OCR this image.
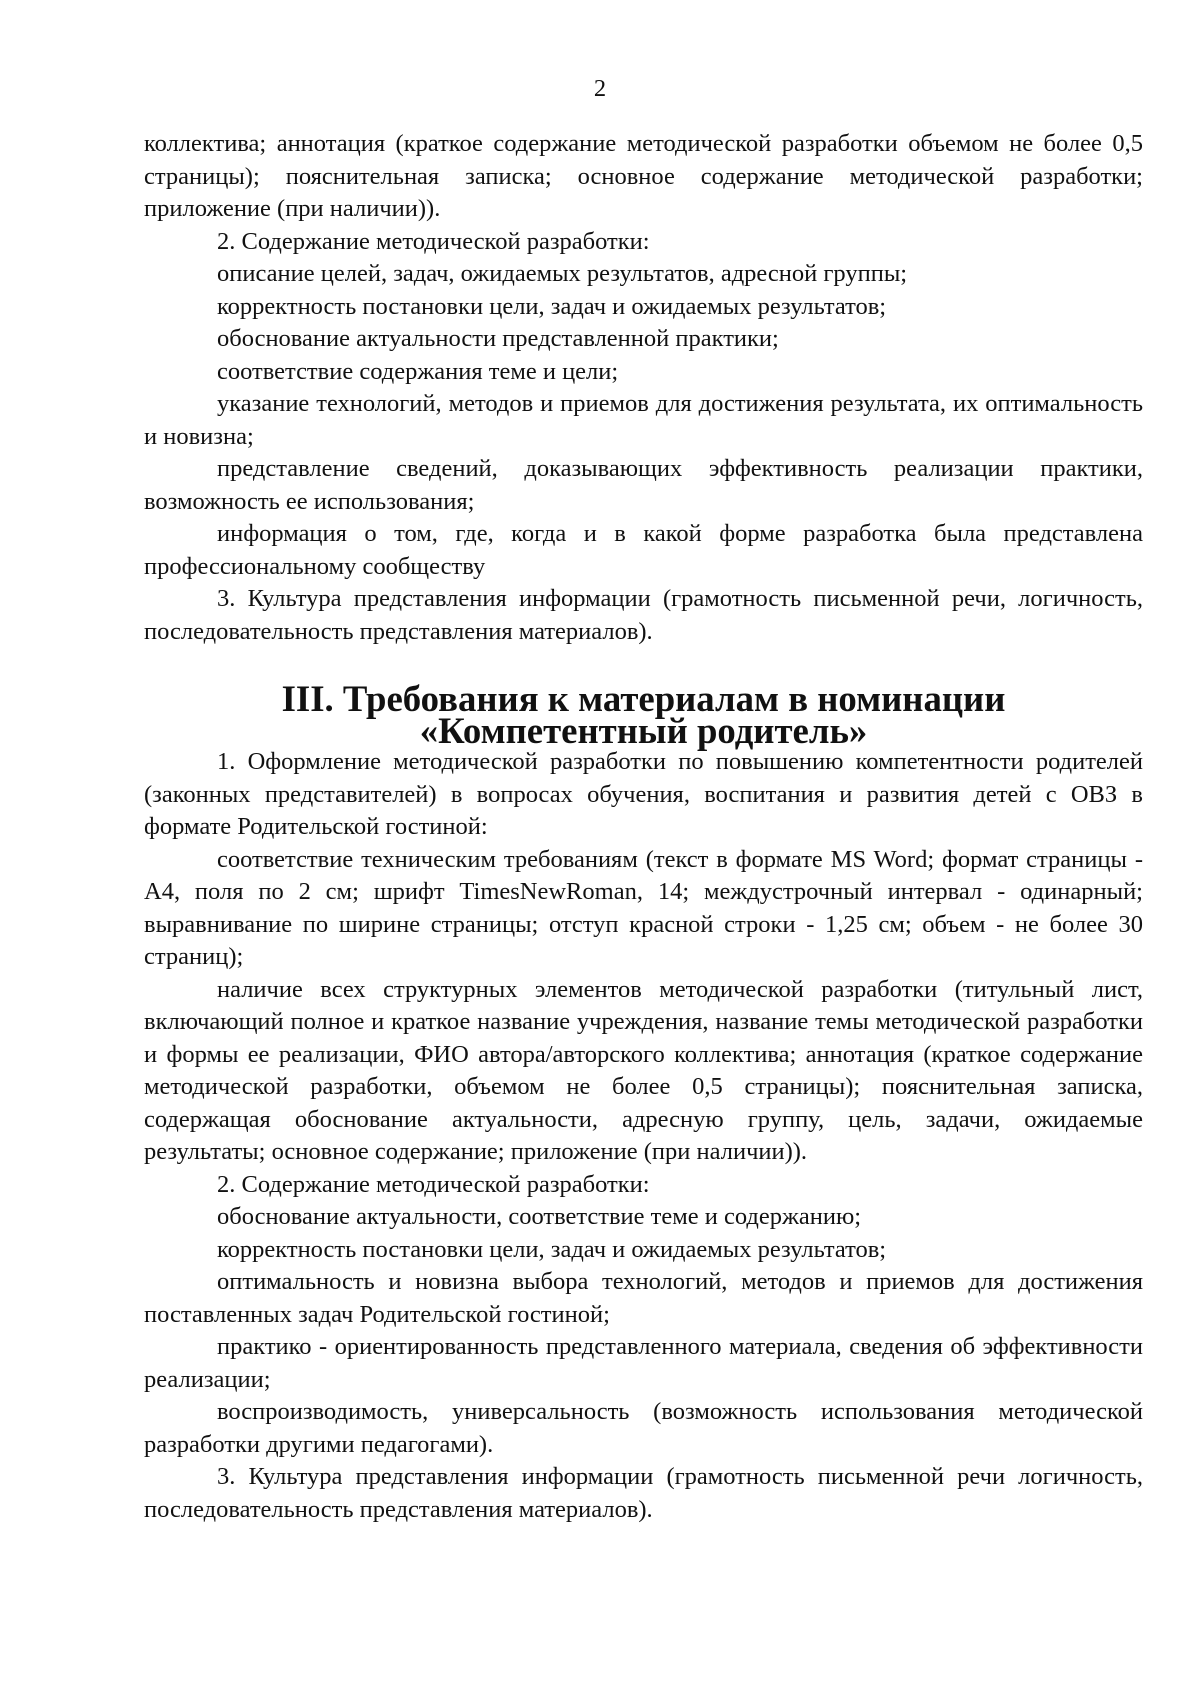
2

коллектива; аннотация (краткое содержание методической разработки объемом не более 0,5 страницы); пояснительная записка; основное содержание методической разработки; приложение (при наличии)).

2. Содержание методической разработки:

описание целей, задач, ожидаемых результатов, адресной группы;

корректность постановки цели, задач и ожидаемых результатов;

обоснование актуальности представленной практики;

соответствие содержания теме и цели;

указание технологий, методов и приемов для достижения результата, их оптимальность и новизна;

представление сведений, доказывающих эффективность реализации практики, возможность ее использования;

информация о том, где, когда и в какой форме разработка была представлена профессиональному сообществу

3. Культура представления информации (грамотность письменной речи, логичность, последовательность представления материалов).

III. Требования к материалам в номинации «Компетентный родитель»

1. Оформление методической разработки по повышению компетентности родителей (законных представителей) в вопросах обучения, воспитания и развития детей с ОВЗ в формате Родительской гостиной:

соответствие техническим требованиям (текст в формате MS Word; формат страницы - А4, поля по 2 см; шрифт TimesNewRoman, 14; междустрочный интервал - одинарный; выравнивание по ширине страницы; отступ красной строки - 1,25 см; объем - не более 30 страниц);

наличие всех структурных элементов методической разработки (титульный лист, включающий полное и краткое название учреждения, название темы методической разработки и формы ее реализации, ФИО автора/авторского коллектива; аннотация (краткое содержание методической разработки, объемом не более 0,5 страницы); пояснительная записка, содержащая обоснование актуальности, адресную группу, цель, задачи, ожидаемые результаты; основное содержание; приложение (при наличии)).

2. Содержание методической разработки:

обоснование актуальности, соответствие теме и содержанию;

корректность постановки цели, задач и ожидаемых результатов;

оптимальность и новизна выбора технологий, методов и приемов для достижения поставленных задач Родительской гостиной;

практико - ориентированность представленного материала, сведения об эффективности реализации;

воспроизводимость, универсальность (возможность использования методической разработки другими педагогами).

3. Культура представления информации (грамотность письменной речи логичность, последовательность представления материалов).
